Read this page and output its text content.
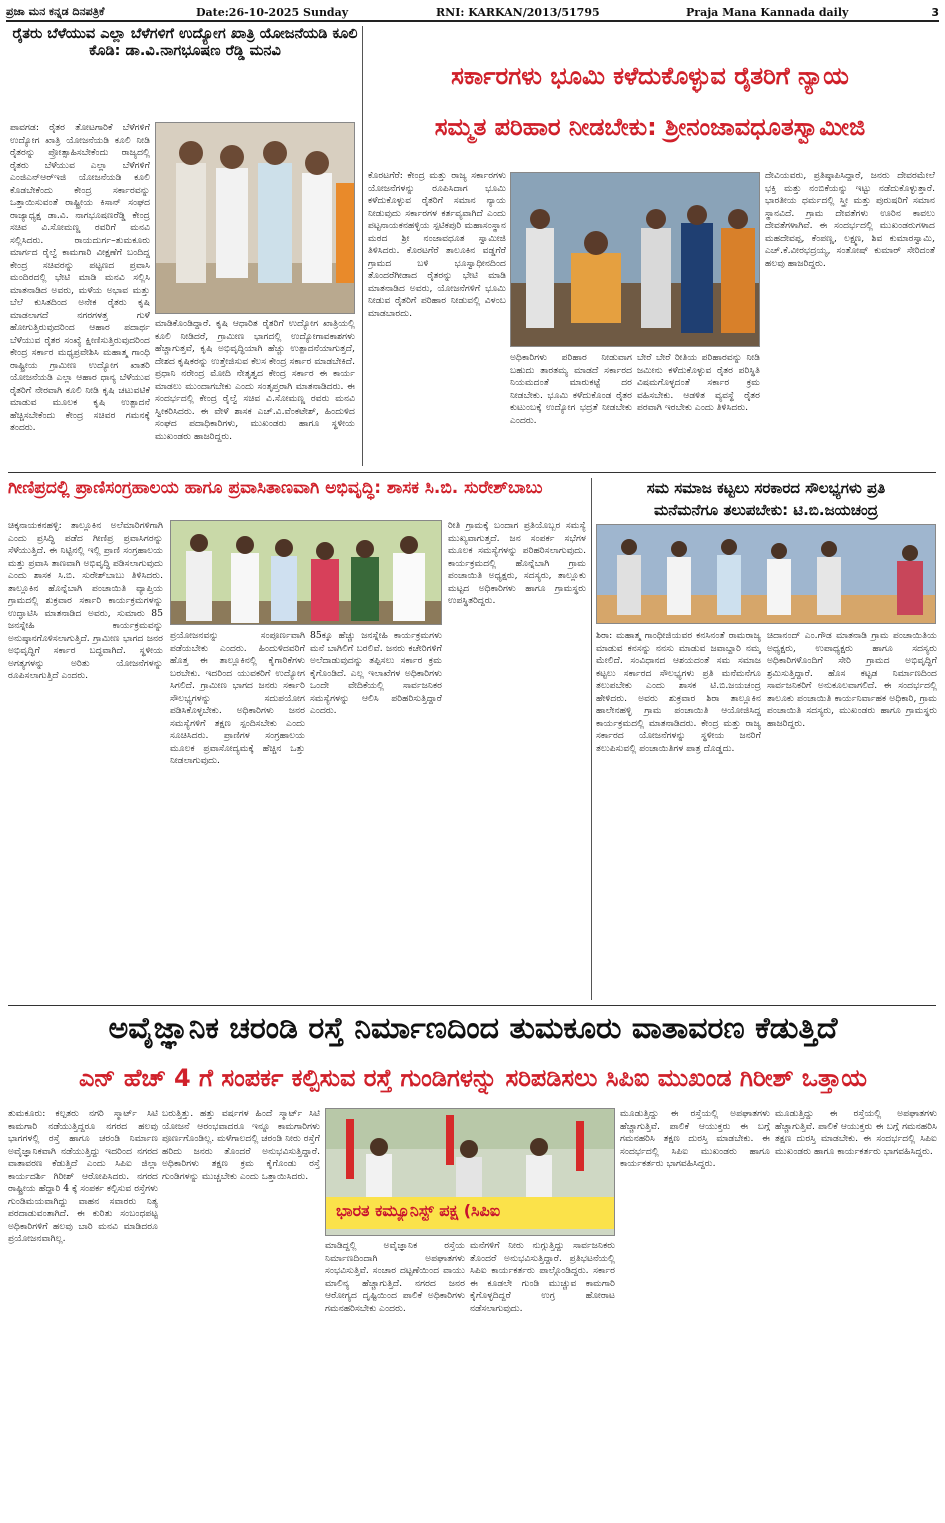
ಪ್ರಜಾ ಮನ ಕನ್ನಡ ದಿನಪತ್ರಿಕೆ	Date:26-10-2025 Sunday	RNI: KARKAN/2013/51795	Praja Mana Kannada daily	3
ರೈತರು ಬೆಳೆಯುವ ಎಲ್ಲಾ ಬೆಳೆಗಳಿಗೆ ಉದ್ಯೋಗ ಖಾತ್ರಿ ಯೋಜನೆಯಡಿ ಕೂಲಿ ಕೊಡಿ: ಡಾ.ವಿ.ನಾಗಭೂಷಣ ರೆಡ್ಡಿ ಮನವಿ
ಪಾವಗಡ: ರೈತರ ತೋಟಗಾರಿಕೆ ಬೆಳೆಗಳಿಗೆ ಉದ್ಯೋಗ ಖಾತ್ರಿ ಯೋಜನೆಯಡಿ ಕೂಲಿ ನೀಡಿ ರೈತರನ್ನು ಪ್ರೋತ್ಸಾಹಿಸಬೇಕೆಂದು ರಾಜ್ಯದಲ್ಲಿ ರೈತರು ಬೆಳೆಯುವ ಎಲ್ಲಾ ಬೆಳೆಗಳಿಗೆ ಎಂಜಿಎನ್‌ಆರ್‌ಇಜಿ ಯೋಜನೆಯಡಿ ಕೂಲಿ ಕೊಡಬೇಕೆಂದು ಕೇಂದ್ರ ಸರ್ಕಾರವನ್ನು ಒತ್ತಾಯಿಸುವಂತೆ ರಾಷ್ಟ್ರೀಯ ಕಿಸಾನ್ ಸಂಘದ ರಾಜ್ಯಾಧ್ಯಕ್ಷ ಡಾ.ವಿ. ನಾಗಭೂಷಣರೆಡ್ಡಿ ಕೇಂದ್ರ ಸಚಿವ ವಿ.ಸೋಮಣ್ಣ ರವರಿಗೆ ಮನವಿ ಸಲ್ಲಿಸಿದರು. ರಾಯದುರ್ಗ–ತುಮಕೂರು ಮಾರ್ಗದ ರೈಲ್ವೆ ಕಾಮಗಾರಿ ವೀಕ್ಷಣೆಗೆ ಬಂದಿದ್ದ ಕೇಂದ್ರ ಸಚಿವರನ್ನು ಪಟ್ಟಣದ ಪ್ರವಾಸಿ ಮಂದಿರದಲ್ಲಿ ಭೇಟಿ ಮಾಡಿ ಮನವಿ ಸಲ್ಲಿಸಿ ಮಾತನಾಡಿದ ಅವರು, ಮಳೆಯ ಅಭಾವ ಮತ್ತು ಬೆಲೆ ಕುಸಿತದಿಂದ ಅನೇಕ ರೈತರು ಕೃಷಿ ಮಾಡಲಾಗದೆ ನಗರಗಳತ್ತ ಗುಳೆ ಹೋಗುತ್ತಿರುವುದರಿಂದ ಆಹಾರ ಪದಾರ್ಥ ಬೆಳೆಯುವ ರೈತರ ಸಂಖ್ಯೆ ಕ್ಷೀಣಿಸುತ್ತಿರುವುದರಿಂದ ಕೇಂದ್ರ ಸರ್ಕಾರ ಮಧ್ಯಪ್ರವೇಶಿಸಿ ಮಹಾತ್ಮ ಗಾಂಧಿ ರಾಷ್ಟ್ರೀಯ ಗ್ರಾಮೀಣ ಉದ್ಯೋಗ ಖಾತರಿ ಯೋಜನೆಯಡಿ ಎಲ್ಲಾ ಆಹಾರ ಧಾನ್ಯ ಬೆಳೆಯುವ ರೈತರಿಗೆ ನೇರವಾಗಿ ಕೂಲಿ ನೀಡಿ ಕೃಷಿ ಚಟುವಟಿಕೆ ಮಾಡುವ ಮೂಲಕ ಕೃಷಿ ಉತ್ಪಾದನೆ ಹೆಚ್ಚಿಸಬೇಕೆಂದು ಕೇಂದ್ರ ಸಚಿವರ ಗಮನಕ್ಕೆ ತಂದರು.
ಮಾಡಿಕೊಂಡಿದ್ದಾರೆ. ಕೃಷಿ ಆಧಾರಿತ ರೈತರಿಗೆ ಉದ್ಯೋಗ ಖಾತ್ರಿಯಲ್ಲಿ ಕೂಲಿ ನೀಡಿದರೆ, ಗ್ರಾಮೀಣ ಭಾಗದಲ್ಲಿ ಉದ್ಯೋಗಾವಕಾಶಗಳು ಹೆಚ್ಚಾಗುತ್ತವೆ, ಕೃಷಿ ಅಭಿವೃದ್ಧಿಯಾಗಿ ಹೆಚ್ಚು ಉತ್ಪಾದನೆಯಾಗುತ್ತದೆ, ದೇಶದ ಕೃಷಿಕರನ್ನು ಉತ್ತೇಜಿಸುವ ಕೆಲಸ ಕೇಂದ್ರ ಸರ್ಕಾರ ಮಾಡಬೇಕಿದೆ. ಪ್ರಧಾನಿ ನರೇಂದ್ರ ಮೋದಿ ನೇತೃತ್ವದ ಕೇಂದ್ರ ಸರ್ಕಾರ ಈ ಕಾರ್ಯ ಮಾಡಲು ಮುಂದಾಗಬೇಕು ಎಂದು ಸಂತೃಪ್ತರಾಗಿ ಮಾತನಾಡಿದರು. ಈ ಸಂದರ್ಭದಲ್ಲಿ ಕೇಂದ್ರ ರೈಲ್ವೆ ಸಚಿವ ವಿ.ಸೋಮಣ್ಣ ರವರು ಮನವಿ ಸ್ವೀಕರಿಸಿದರು. ಈ ವೇಳೆ ಶಾಸಕ ಎಚ್.ವಿ.ವೆಂಕಟೇಶ್, ಹಿಂದುಳಿದ ಸಂಘದ ಪದಾಧಿಕಾರಿಗಳು, ಮುಖಂಡರು ಹಾಗೂ ಸ್ಥಳೀಯ ಮುಖಂಡರು ಹಾಜರಿದ್ದರು.
ಸರ್ಕಾರಗಳು ಭೂಮಿ ಕಳೆದುಕೊಳ್ಳುವ ರೈತರಿಗೆ ನ್ಯಾಯ
ಸಮ್ಮತ ಪರಿಹಾರ ನೀಡಬೇಕು: ಶ್ರೀನಂಜಾವಧೂತಸ್ವಾಮೀಜಿ
ಕೊರಟಗೆರೆ: ಕೇಂದ್ರ ಮತ್ತು ರಾಜ್ಯ ಸರ್ಕಾರಗಳು ಯೋಜನೆಗಳನ್ನು ರೂಪಿಸಿದಾಗ ಭೂಮಿ ಕಳೆದುಕೊಳ್ಳುವ ರೈತರಿಗೆ ಸಮಾನ ನ್ಯಾಯ ನೀಡುವುದು ಸರ್ಕಾರಗಳ ಕರ್ತವ್ಯವಾಗಿದೆ ಎಂದು ಪಟ್ಟನಾಯಕನಹಳ್ಳಿಯ ಸ್ಪಟಿಕಪುರಿ ಮಹಾಸಂಸ್ಥಾನ ಮಠದ ಶ್ರೀ ನಂಜಾವಧೂತ ಸ್ವಾಮೀಜಿ ತಿಳಿಸಿದರು. ಕೊರಟಗೆರೆ ತಾಲೂಕಿನ ವಡ್ಡಗೆರೆ ಗ್ರಾಮದ ಬಳಿ ಭೂಸ್ವಾಧೀನದಿಂದ ತೊಂದರೆಗೀಡಾದ ರೈತರನ್ನು ಭೇಟಿ ಮಾಡಿ ಮಾತನಾಡಿದ ಅವರು, ಯೋಜನೆಗಳಿಗೆ ಭೂಮಿ ನೀಡುವ ರೈತರಿಗೆ ಪರಿಹಾರ ನೀಡುವಲ್ಲಿ ವಿಳಂಬ ಮಾಡಬಾರದು.
ಅಧಿಕಾರಿಗಳು ಪರಿಹಾರ ನೀಡುವಾಗ ಬಹುದು ತಾರತಮ್ಯ ಮಾಡದೆ ಸರ್ಕಾರದ ನಿಯಮದಂತೆ ಮಾರುಕಟ್ಟೆ ದರ ನೀಡಬೇಕು. ಭೂಮಿ ಕಳೆದುಕೊಂಡ ರೈತರ ಕುಟುಂಬಕ್ಕೆ ಉದ್ಯೋಗ ಭದ್ರತೆ ನೀಡಬೇಕು ಎಂದರು.
ಬೇರೆ ಬೇರೆ ರೀತಿಯ ಪರಿಹಾರವನ್ನು ನೀಡಿ ಜಮೀನು ಕಳೆದುಕೊಳ್ಳುವ ರೈತರ ಪರಿಸ್ಥಿತಿ ವಿಷಮಗೊಳ್ಳದಂತೆ ಸರ್ಕಾರ ಕ್ರಮ ವಹಿಸಬೇಕು. ಆಡಳಿತ ವ್ಯವಸ್ಥೆ ರೈತರ ಪರವಾಗಿ ಇರಬೇಕು ಎಂದು ತಿಳಿಸಿದರು.
ದೇವಿಯವರು, ಪ್ರತಿಷ್ಠಾಪಿಸಿದ್ದಾರೆ, ಜನರು ದೇವರಮೇಲೆ ಭಕ್ತಿ ಮತ್ತು ನಂಬಿಕೆಯನ್ನು ಇಟ್ಟು ನಡೆದುಕೊಳ್ಳುತ್ತಾರೆ. ಭಾರತೀಯ ಧರ್ಮದಲ್ಲಿ ಸ್ತ್ರೀ ಮತ್ತು ಪುರುಷರಿಗೆ ಸಮಾನ ಸ್ಥಾನವಿದೆ. ಗ್ರಾಮ ದೇವತೆಗಳು ಊರಿನ ಕಾವಲು ದೇವತೆಗಳಾಗಿವೆ. ಈ ಸಂದರ್ಭದಲ್ಲಿ ಮುಖಂಡರುಗಳಾದ ಮಹದೇವಪ್ಪ, ಕೆಂಪಣ್ಣ, ಲಕ್ಷ್ಮಣ, ಶಿವ ಕುಮಾರಸ್ವಾಮಿ, ಎಚ್.ಕೆ.ವೀರಭದ್ರಯ್ಯ, ಸಂತೋಷ್ ಕುಮಾರ್ ಸೇರಿದಂತೆ ಹಲವು ಹಾಜರಿದ್ದರು.
ಗೀಣಿಪ್ರದಲ್ಲಿ ಪ್ರಾಣಿಸಂಗ್ರಹಾಲಯ ಹಾಗೂ ಪ್ರವಾಸಿತಾಣವಾಗಿ ಅಭಿವೃದ್ಧಿ: ಶಾಸಕ ಸಿ.ಬಿ. ಸುರೇಶ್‌ಬಾಬು
ಚಿಕ್ಕನಾಯಕನಹಳ್ಳಿ: ತಾಲ್ಲೂಕಿನ ಅಲೆಮಾರಿಗಳಿಗಾಗಿ ಎಂದು ಪ್ರಸಿದ್ಧಿ ಪಡೆದ ಗೀಣಿಪ್ರ ಪ್ರವಾಸಿಗರನ್ನು ಸೆಳೆಯುತ್ತಿದೆ. ಈ ನಿಟ್ಟಿನಲ್ಲಿ ಇಲ್ಲಿ ಪ್ರಾಣಿ ಸಂಗ್ರಹಾಲಯ ಮತ್ತು ಪ್ರವಾಸಿ ತಾಣವಾಗಿ ಅಭಿವೃದ್ಧಿ ಪಡಿಸಲಾಗುವುದು ಎಂದು ಶಾಸಕ ಸಿ.ಬಿ. ಸುರೇಶ್‌ಬಾಬು ತಿಳಿಸಿದರು. ತಾಲ್ಲೂಕಿನ ಹೊನ್ನೆಬಾಗಿ ಪಂಚಾಯಿತಿ ವ್ಯಾಪ್ತಿಯ ಗ್ರಾಮದಲ್ಲಿ ಶುಕ್ರವಾರ ಸರ್ಕಾರಿ ಕಾರ್ಯಕ್ರಮಗಳನ್ನು ಉದ್ಘಾಟಿಸಿ ಮಾತನಾಡಿದ ಅವರು, ಸುಮಾರು 85 ಜನಸ್ನೇಹಿ ಕಾರ್ಯಕ್ರಮವನ್ನು ಅನುಷ್ಠಾನಗೊಳಿಸಲಾಗುತ್ತಿದೆ. ಗ್ರಾಮೀಣ ಭಾಗದ ಜನರ ಅಭಿವೃದ್ಧಿಗೆ ಸರ್ಕಾರ ಬದ್ಧವಾಗಿದೆ. ಸ್ಥಳೀಯ ಅಗತ್ಯಗಳನ್ನು ಅರಿತು ಯೋಜನೆಗಳನ್ನು ರೂಪಿಸಲಾಗುತ್ತಿದೆ ಎಂದರು.
ಪ್ರಯೋಜನವನ್ನು ಸಂಪೂರ್ಣವಾಗಿ ಪಡೆಯಬೇಕು ಎಂದರು. ಹಿಂದುಳಿದವರಿಗೆ ಹೊತ್ತ ಈ ತಾಲ್ಲೂಕಿನಲ್ಲಿ ಕೈಗಾರಿಕೆಗಳು ಬರಬೇಕು. ಇದರಿಂದ ಯುವಕರಿಗೆ ಉದ್ಯೋಗ ಸಿಗಲಿದೆ. ಗ್ರಾಮೀಣ ಭಾಗದ ಜನರು ಸರ್ಕಾರಿ ಸೌಲಭ್ಯಗಳನ್ನು ಸದುಪಯೋಗ ಪಡಿಸಿಕೊಳ್ಳಬೇಕು. ಅಧಿಕಾರಿಗಳು ಜನರ ಸಮಸ್ಯೆಗಳಿಗೆ ತಕ್ಷಣ ಸ್ಪಂದಿಸಬೇಕು ಎಂದು ಸೂಚಿಸಿದರು. ಪ್ರಾಣಿಗಳ ಸಂಗ್ರಹಾಲಯ ಮೂಲಕ ಪ್ರವಾಸೋದ್ಯಮಕ್ಕೆ ಹೆಚ್ಚಿನ ಒತ್ತು ನೀಡಲಾಗುವುದು.
85ಕ್ಕೂ ಹೆಚ್ಚು ಜನಸ್ನೇಹಿ ಕಾರ್ಯಕ್ರಮಗಳು ಮನೆ ಬಾಗಿಲಿಗೆ ಬರಲಿವೆ. ಜನರು ಕಚೇರಿಗಳಿಗೆ ಅಲೆದಾಡುವುದನ್ನು ತಪ್ಪಿಸಲು ಸರ್ಕಾರ ಕ್ರಮ ಕೈಗೊಂಡಿದೆ. ಎಲ್ಲ ಇಲಾಖೆಗಳ ಅಧಿಕಾರಿಗಳು ಒಂದೇ ವೇದಿಕೆಯಲ್ಲಿ ಸಾರ್ವಜನಿಕರ ಸಮಸ್ಯೆಗಳನ್ನು ಆಲಿಸಿ ಪರಿಹರಿಸುತ್ತಿದ್ದಾರೆ ಎಂದರು.
ರೀತಿ ಗ್ರಾಮಕ್ಕೆ ಬಂದಾಗ ಪ್ರತಿಯೊಬ್ಬರ ಸಮಸ್ಯೆ ಮುಖ್ಯವಾಗುತ್ತದೆ. ಜನ ಸಂಪರ್ಕ ಸಭೆಗಳ ಮೂಲಕ ಸಮಸ್ಯೆಗಳನ್ನು ಪರಿಹರಿಸಲಾಗುವುದು. ಕಾರ್ಯಕ್ರಮದಲ್ಲಿ ಹೊನ್ನೆಬಾಗಿ ಗ್ರಾಮ ಪಂಚಾಯಿತಿ ಅಧ್ಯಕ್ಷರು, ಸದಸ್ಯರು, ತಾಲ್ಲೂಕು ಮಟ್ಟದ ಅಧಿಕಾರಿಗಳು ಹಾಗೂ ಗ್ರಾಮಸ್ಥರು ಉಪಸ್ಥಿತರಿದ್ದರು.
ಸಮ ಸಮಾಜ ಕಟ್ಟಲು ಸರಕಾರದ ಸೌಲಭ್ಯಗಳು ಪ್ರತಿ
ಮನೆಮನೆಗೂ ತಲುಪಬೇಕು: ಟಿ.ಬಿ.ಜಯಚಂದ್ರ
ಶಿರಾ: ಮಹಾತ್ಮ ಗಾಂಧೀಜಿಯವರ ಕನಸಿನಂತೆ ರಾಮರಾಜ್ಯ ಮಾಡುವ ಕನಸನ್ನು ನನಸು ಮಾಡುವ ಜವಾಬ್ದಾರಿ ನಮ್ಮ ಮೇಲಿದೆ. ಸಂವಿಧಾನದ ಆಶಯದಂತೆ ಸಮ ಸಮಾಜ ಕಟ್ಟಲು ಸರ್ಕಾರದ ಸೌಲಭ್ಯಗಳು ಪ್ರತಿ ಮನೆಮನೆಗೂ ತಲುಪಬೇಕು ಎಂದು ಶಾಸಕ ಟಿ.ಬಿ.ಜಯಚಂದ್ರ ಹೇಳಿದರು. ಅವರು ಶುಕ್ರವಾರ ಶಿರಾ ತಾಲ್ಲೂಕಿನ ಹಾಲೇನಹಳ್ಳಿ ಗ್ರಾಮ ಪಂಚಾಯಿತಿ ಆಯೋಜಿಸಿದ್ದ ಕಾರ್ಯಕ್ರಮದಲ್ಲಿ ಮಾತನಾಡಿದರು. ಕೇಂದ್ರ ಮತ್ತು ರಾಜ್ಯ ಸರ್ಕಾರದ ಯೋಜನೆಗಳನ್ನು ಸ್ಥಳೀಯ ಜನರಿಗೆ ತಲುಪಿಸುವಲ್ಲಿ ಪಂಚಾಯಿತಿಗಳ ಪಾತ್ರ ದೊಡ್ಡದು.
ಚಿದಾನಂದ್ ಎಂ.ಗೌಡ ಮಾತನಾಡಿ ಗ್ರಾಮ ಪಂಚಾಯಿತಿಯ ಅಧ್ಯಕ್ಷರು, ಉಪಾಧ್ಯಕ್ಷರು ಹಾಗೂ ಸದಸ್ಯರು ಅಧಿಕಾರಿಗಳೊಂದಿಗೆ ಸೇರಿ ಗ್ರಾಮದ ಅಭಿವೃದ್ಧಿಗೆ ಶ್ರಮಿಸುತ್ತಿದ್ದಾರೆ. ಹೊಸ ಕಟ್ಟಡ ನಿರ್ಮಾಣದಿಂದ ಸಾರ್ವಜನಿಕರಿಗೆ ಅನುಕೂಲವಾಗಲಿದೆ. ಈ ಸಂದರ್ಭದಲ್ಲಿ ತಾಲೂಕು ಪಂಚಾಯಿತಿ ಕಾರ್ಯನಿರ್ವಾಹಕ ಅಧಿಕಾರಿ, ಗ್ರಾಮ ಪಂಚಾಯಿತಿ ಸದಸ್ಯರು, ಮುಖಂಡರು ಹಾಗೂ ಗ್ರಾಮಸ್ಥರು ಹಾಜರಿದ್ದರು.
ಅವೈಜ್ಞಾನಿಕ ಚರಂಡಿ ರಸ್ತೆ ನಿರ್ಮಾಣದಿಂದ ತುಮಕೂರು ವಾತಾವರಣ ಕೆಡುತ್ತಿದೆ
ಎನ್ ಹೆಚ್ 4 ಗೆ ಸಂಪರ್ಕ ಕಲ್ಪಿಸುವ ರಸ್ತೆ ಗುಂಡಿಗಳನ್ನು ಸರಿಪಡಿಸಲು ಸಿಪಿಐ ಮುಖಂಡ ಗಿರೀಶ್ ಒತ್ತಾಯ
ತುಮಕೂರು: ಕಲ್ಪತರು ನಗರಿ ಸ್ಮಾರ್ಟ್ ಸಿಟಿ ಕಾಮಗಾರಿ ನಡೆಯುತ್ತಿದ್ದರೂ ನಗರದ ಹಲವು ಭಾಗಗಳಲ್ಲಿ ರಸ್ತೆ ಹಾಗೂ ಚರಂಡಿ ನಿರ್ಮಾಣ ಅವೈಜ್ಞಾನಿಕವಾಗಿ ನಡೆಯುತ್ತಿದ್ದು ಇದರಿಂದ ನಗರದ ವಾತಾವರಣ ಕೆಡುತ್ತಿದೆ ಎಂದು ಸಿಪಿಐ ಜಿಲ್ಲಾ ಕಾರ್ಯದರ್ಶಿ ಗಿರೀಶ್ ಆರೋಪಿಸಿದರು. ನಗರದ ರಾಷ್ಟ್ರೀಯ ಹೆದ್ದಾರಿ 4 ಕ್ಕೆ ಸಂಪರ್ಕ ಕಲ್ಪಿಸುವ ರಸ್ತೆಗಳು ಗುಂಡಿಮಯವಾಗಿದ್ದು ವಾಹನ ಸವಾರರು ನಿತ್ಯ ಪರದಾಡುವಂತಾಗಿದೆ. ಈ ಕುರಿತು ಸಂಬಂಧಪಟ್ಟ ಅಧಿಕಾರಿಗಳಿಗೆ ಹಲವು ಬಾರಿ ಮನವಿ ಮಾಡಿದರೂ ಪ್ರಯೋಜನವಾಗಿಲ್ಲ.
ಬರುತ್ತಿತ್ತು. ಹತ್ತು ವರ್ಷಗಳ ಹಿಂದೆ ಸ್ಮಾರ್ಟ್ ಸಿಟಿ ಯೋಜನೆ ಆರಂಭವಾದರೂ ಇನ್ನೂ ಕಾಮಗಾರಿಗಳು ಪೂರ್ಣಗೊಂಡಿಲ್ಲ. ಮಳೆಗಾಲದಲ್ಲಿ ಚರಂಡಿ ನೀರು ರಸ್ತೆಗೆ ಹರಿದು ಜನರು ತೊಂದರೆ ಅನುಭವಿಸುತ್ತಿದ್ದಾರೆ. ಅಧಿಕಾರಿಗಳು ತಕ್ಷಣ ಕ್ರಮ ಕೈಗೊಂಡು ರಸ್ತೆ ಗುಂಡಿಗಳನ್ನು ಮುಚ್ಚಬೇಕು ಎಂದು ಒತ್ತಾಯಿಸಿದರು.
ಭಾರತ ಕಮ್ಯೂನಿಸ್ಟ್ ಪಕ್ಷ (ಸಿಪಿಐ
ಮಾಡಿದ್ದಲ್ಲಿ ಅವೈಜ್ಞಾನಿಕ ರಸ್ತೆಯ ನಿರ್ಮಾಣದಿಂದಾಗಿ ಅಪಘಾತಗಳು ಸಂಭವಿಸುತ್ತಿವೆ. ಸಂಚಾರ ದಟ್ಟಣೆಯಿಂದ ವಾಯು ಮಾಲಿನ್ಯ ಹೆಚ್ಚಾಗುತ್ತಿದೆ. ನಗರದ ಜನರ ಆರೋಗ್ಯದ ದೃಷ್ಟಿಯಿಂದ ಪಾಲಿಕೆ ಅಧಿಕಾರಿಗಳು ಗಮನಹರಿಸಬೇಕು ಎಂದರು.
ಮನೆಗಳಿಗೆ ನೀರು ನುಗ್ಗುತ್ತಿದ್ದು ಸಾರ್ವಜನಿಕರು ತೊಂದರೆ ಅನುಭವಿಸುತ್ತಿದ್ದಾರೆ. ಪ್ರತಿಭಟನೆಯಲ್ಲಿ ಸಿಪಿಐ ಕಾರ್ಯಕರ್ತರು ಪಾಲ್ಗೊಂಡಿದ್ದರು. ಸರ್ಕಾರ ಈ ಕೂಡಲೇ ಗುಂಡಿ ಮುಚ್ಚುವ ಕಾಮಗಾರಿ ಕೈಗೊಳ್ಳದಿದ್ದರೆ ಉಗ್ರ ಹೋರಾಟ ನಡೆಸಲಾಗುವುದು.
ಮೂಡುತ್ತಿದ್ದು ಈ ರಸ್ತೆಯಲ್ಲಿ ಅಪಘಾತಗಳು ಹೆಚ್ಚಾಗುತ್ತಿವೆ. ಪಾಲಿಕೆ ಆಯುಕ್ತರು ಈ ಬಗ್ಗೆ ಗಮನಹರಿಸಿ ತಕ್ಷಣ ದುರಸ್ತಿ ಮಾಡಬೇಕು. ಈ ಸಂದರ್ಭದಲ್ಲಿ ಸಿಪಿಐ ಮುಖಂಡರು ಹಾಗೂ ಕಾರ್ಯಕರ್ತರು ಭಾಗವಹಿಸಿದ್ದರು.
ಮೂಡುತ್ತಿದ್ದು ಈ ರಸ್ತೆಯಲ್ಲಿ ಅಪಘಾತಗಳು ಹೆಚ್ಚಾಗುತ್ತಿವೆ. ಪಾಲಿಕೆ ಆಯುಕ್ತರು ಈ ಬಗ್ಗೆ ಗಮನಹರಿಸಿ ತಕ್ಷಣ ದುರಸ್ತಿ ಮಾಡಬೇಕು. ಈ ಸಂದರ್ಭದಲ್ಲಿ ಸಿಪಿಐ ಮುಖಂಡರು ಹಾಗೂ ಕಾರ್ಯಕರ್ತರು ಭಾಗವಹಿಸಿದ್ದರು.
